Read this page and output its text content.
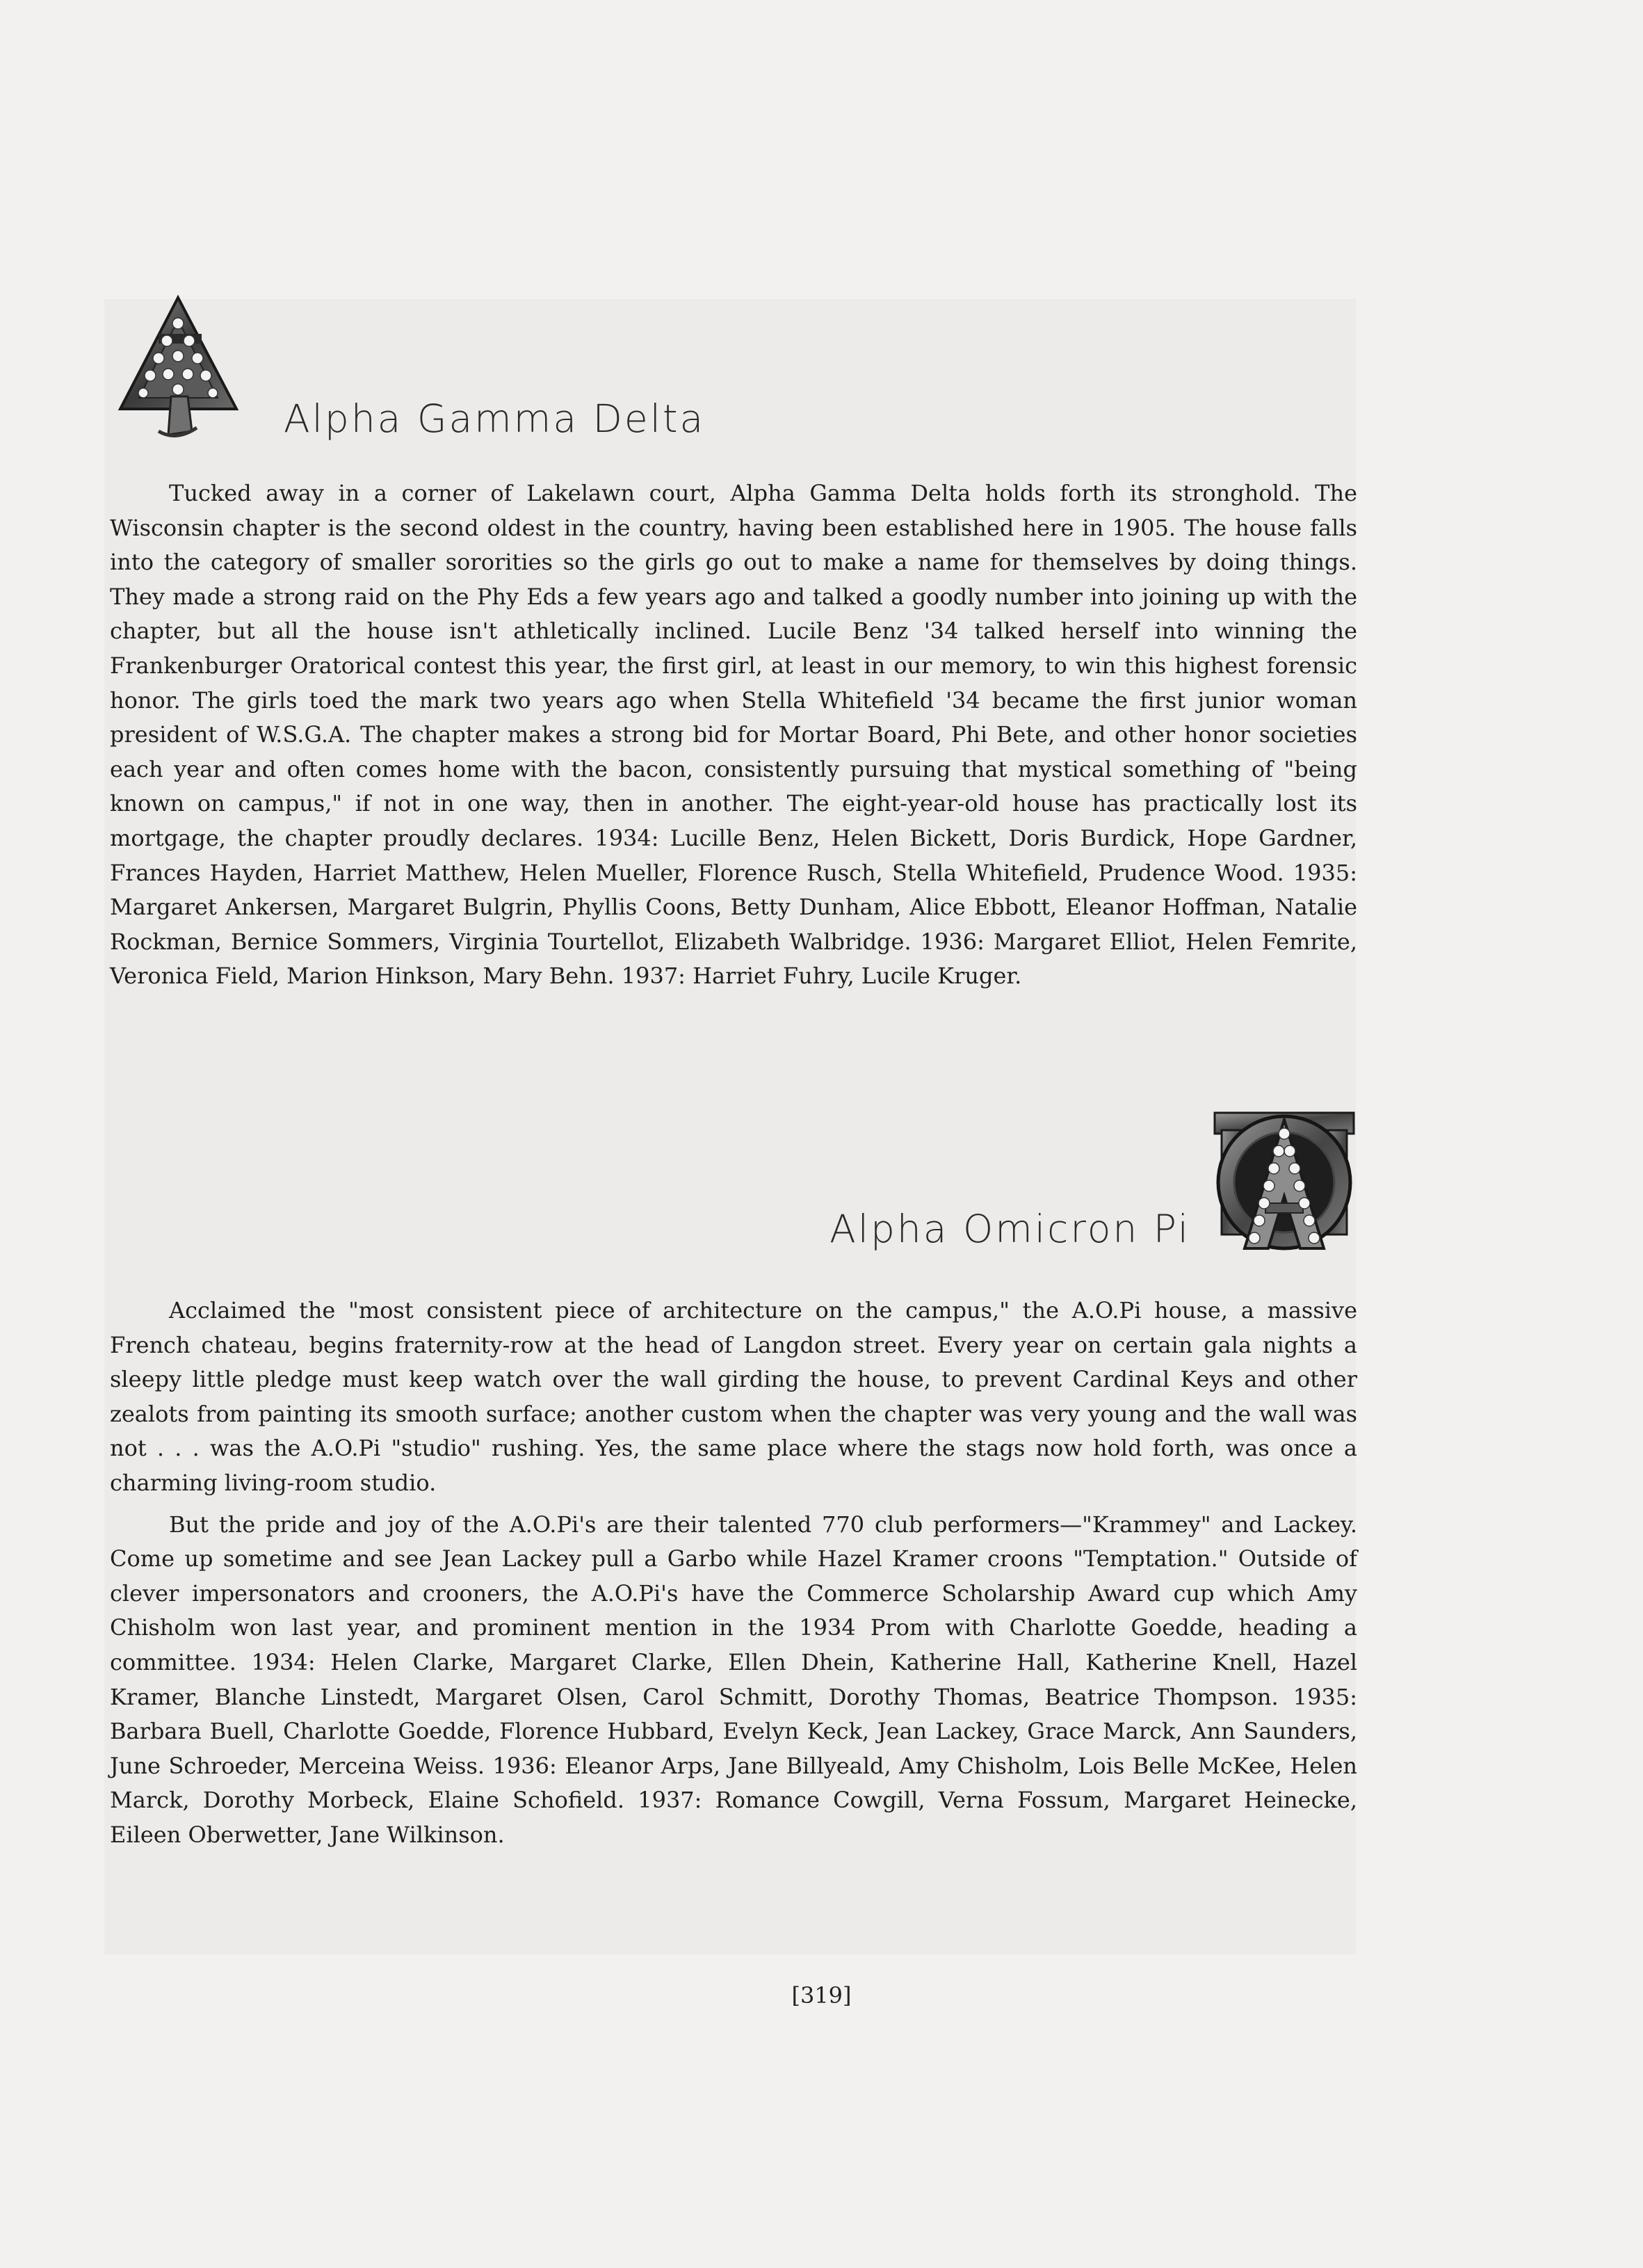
Alpha Gamma Delta

Tucked away in a corner of Lakelawn court, Alpha Gamma Delta holds forth its stronghold. The Wisconsin chapter is the second oldest in the country, having been established here in 1905. The house falls into the category of smaller sororities so the girls go out to make a name for themselves by doing things. They made a strong raid on the Phy Eds a few years ago and talked a goodly number into joining up with the chapter, but all the house isn't athletically inclined. Lucile Benz '34 talked herself into winning the Frankenburger Oratorical contest this year, the first girl, at least in our memory, to win this highest forensic honor. The girls toed the mark two years ago when Stella Whitefield '34 became the first junior woman president of W.S.G.A. The chapter makes a strong bid for Mortar Board, Phi Bete, and other honor societies each year and often comes home with the bacon, consistently pursuing that mystical something of "being known on campus," if not in one way, then in another. The eight-year-old house has practically lost its mortgage, the chapter proudly declares. 1934: Lucille Benz, Helen Bickett, Doris Burdick, Hope Gardner, Frances Hayden, Harriet Matthew, Helen Mueller, Florence Rusch, Stella Whitefield, Prudence Wood. 1935: Margaret Ankersen, Margaret Bulgrin, Phyllis Coons, Betty Dunham, Alice Ebbott, Eleanor Hoffman, Natalie Rockman, Bernice Sommers, Virginia Tourtellot, Elizabeth Walbridge. 1936: Margaret Elliot, Helen Femrite, Veronica Field, Marion Hinkson, Mary Behn. 1937: Harriet Fuhry, Lucile Kruger.

Alpha Omicron Pi

Acclaimed the "most consistent piece of architecture on the campus," the A.O.Pi house, a massive French chateau, begins fraternity-row at the head of Langdon street. Every year on certain gala nights a sleepy little pledge must keep watch over the wall girding the house, to prevent Cardinal Keys and other zealots from painting its smooth surface; another custom when the chapter was very young and the wall was not . . . was the A.O.Pi "studio" rushing. Yes, the same place where the stags now hold forth, was once a charming living-room studio.

But the pride and joy of the A.O.Pi's are their talented 770 club performers—"Krammey" and Lackey. Come up sometime and see Jean Lackey pull a Garbo while Hazel Kramer croons "Temptation." Outside of clever impersonators and crooners, the A.O.Pi's have the Commerce Scholarship Award cup which Amy Chisholm won last year, and prominent mention in the 1934 Prom with Charlotte Goedde, heading a committee. 1934: Helen Clarke, Margaret Clarke, Ellen Dhein, Katherine Hall, Katherine Knell, Hazel Kramer, Blanche Linstedt, Margaret Olsen, Carol Schmitt, Dorothy Thomas, Beatrice Thompson. 1935: Barbara Buell, Charlotte Goedde, Florence Hubbard, Evelyn Keck, Jean Lackey, Grace Marck, Ann Saunders, June Schroeder, Merceina Weiss. 1936: Eleanor Arps, Jane Billyeald, Amy Chisholm, Lois Belle McKee, Helen Marck, Dorothy Morbeck, Elaine Schofield. 1937: Romance Cowgill, Verna Fossum, Margaret Heinecke, Eileen Oberwetter, Jane Wilkinson.

[319]
